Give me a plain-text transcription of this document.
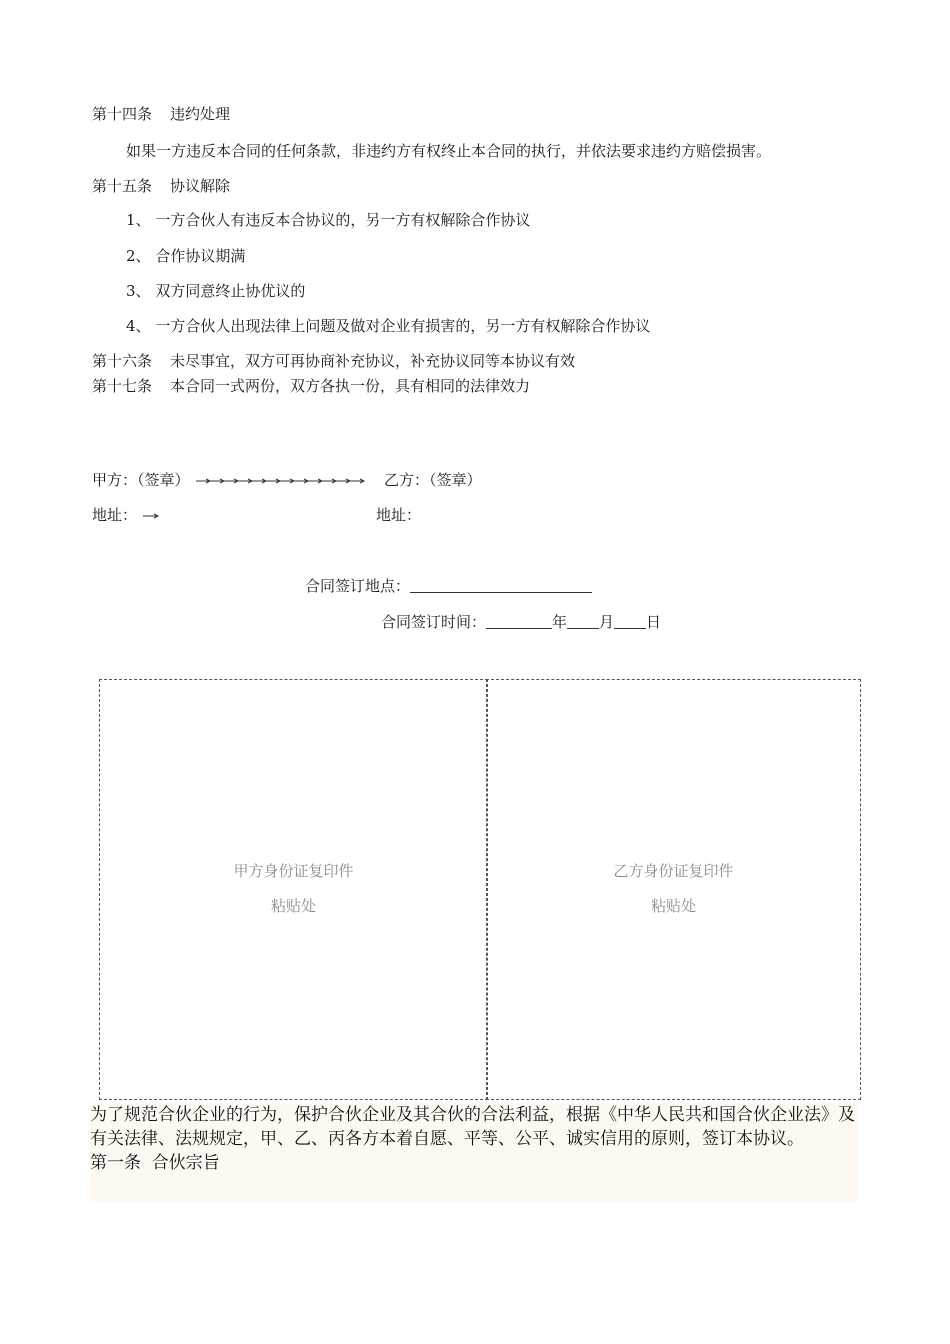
第十四条 违约处理
如果一方违反本合同的任何条款，非违约方有权终止本合同的执行，并依法要求违约方赔偿损害。
第十五条 协议解除
1、 一方合伙人有违反本合协议的，另一方有权解除合作协议
2、 合作协议期满
3、 双方同意终止协优议的
4、 一方合伙人出现法律上问题及做对企业有损害的，另一方有权解除合作协议
第十六条 未尽事宜，双方可再协商补充协议，补充协议同等本协议有效
第十七条 本合同一式两份，双方各执一份，具有相同的法律效力
甲方：（签章）	乙方：（签章）
地址：	地址：
合同签订地点：
合同签订时间：	年 月 日
甲方身份证复印件
粘贴处
乙方身份证复印件
粘贴处
为了规范合伙企业的行为，保护合伙企业及其合伙的合法利益，根据《中华人民共和国合伙企业法》及有关法律、法规规定，甲、乙、丙各方本着自愿、平等、公平、诚实信用的原则，签订本协议。
第一条  合伙宗旨
